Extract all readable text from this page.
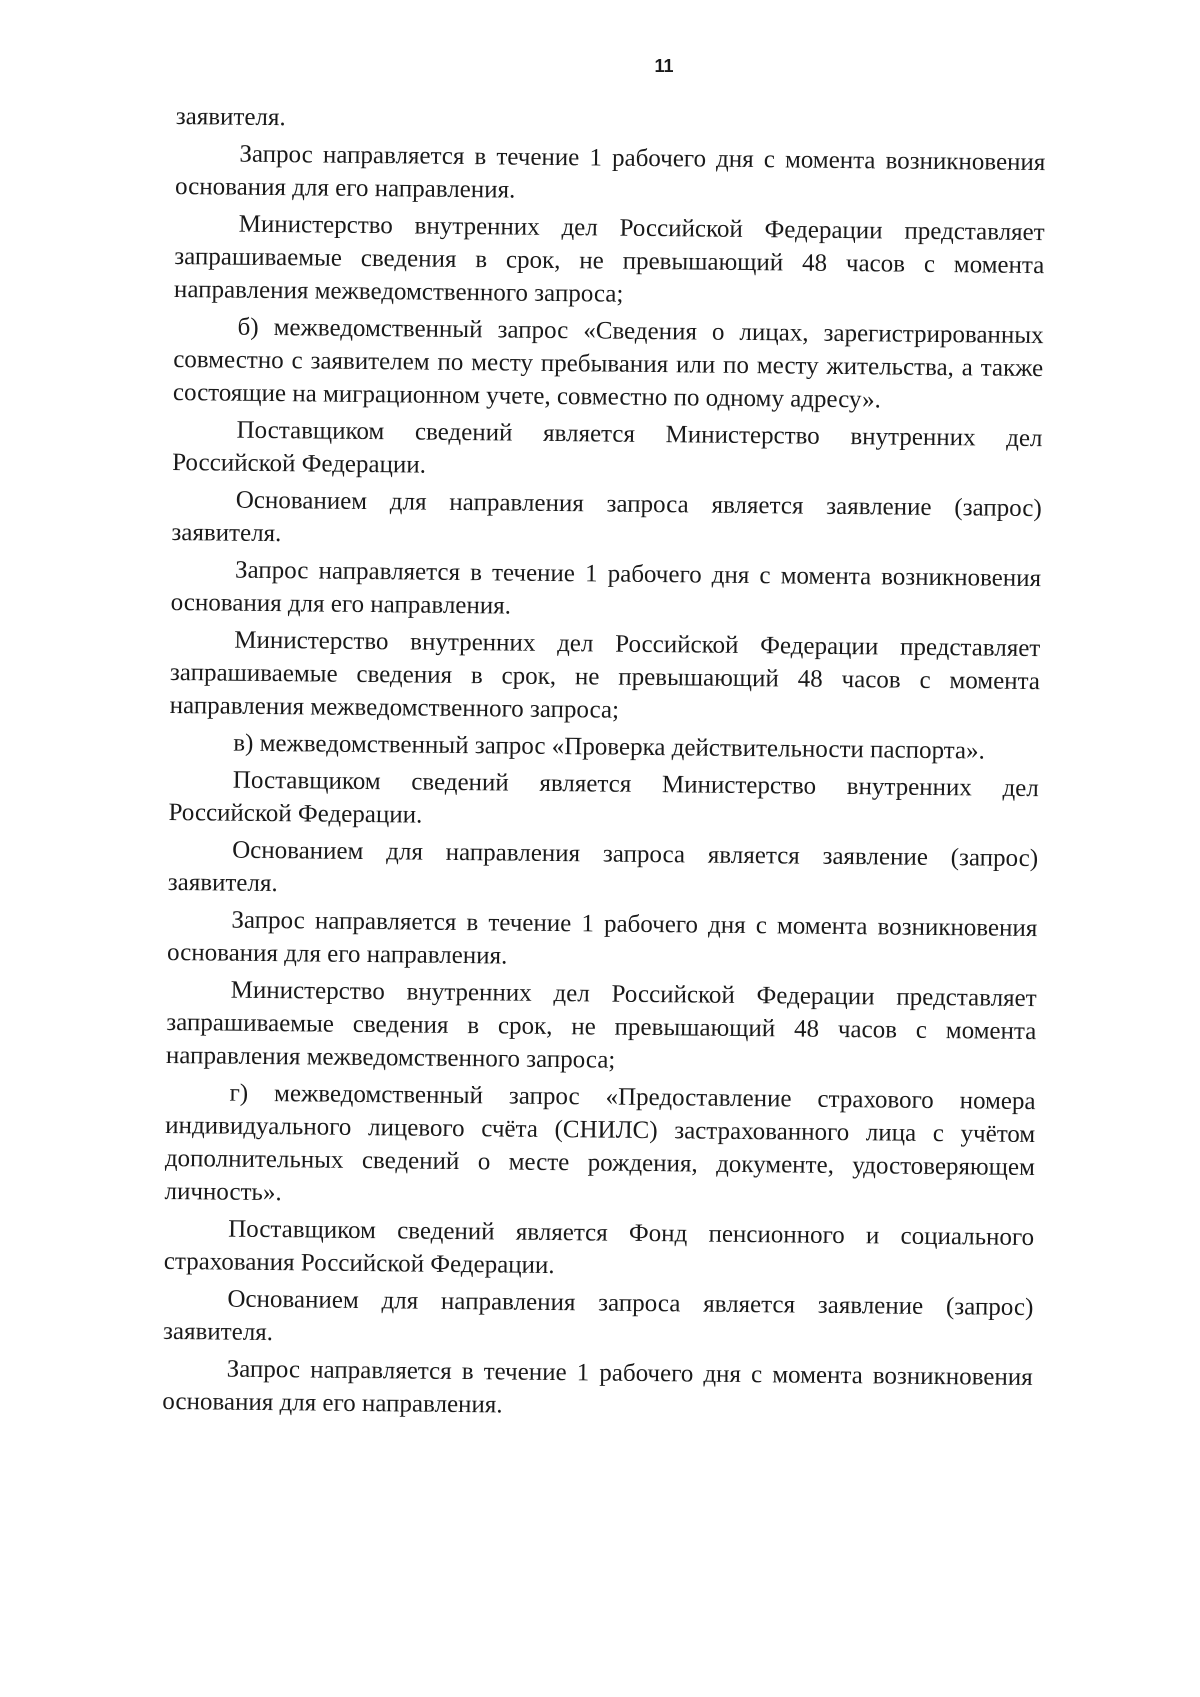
11

заявителя.

Запрос направляется в течение 1 рабочего дня с момента возникновения основания для его направления.

Министерство внутренних дел Российской Федерации представляет запрашиваемые сведения в срок, не превышающий 48 часов с момента направления межведомственного запроса;

б) межведомственный запрос «Сведения о лицах, зарегистрированных совместно с заявителем по месту пребывания или по месту жительства, а также состоящие на миграционном учете, совместно по одному адресу».

Поставщиком сведений является Министерство внутренних дел Российской Федерации.

Основанием для направления запроса является заявление (запрос) заявителя.

Запрос направляется в течение 1 рабочего дня с момента возникновения основания для его направления.

Министерство внутренних дел Российской Федерации представляет запрашиваемые сведения в срок, не превышающий 48 часов с момента направления межведомственного запроса;

в) межведомственный запрос «Проверка действительности паспорта».

Поставщиком сведений является Министерство внутренних дел Российской Федерации.

Основанием для направления запроса является заявление (запрос) заявителя.

Запрос направляется в течение 1 рабочего дня с момента возникновения основания для его направления.

Министерство внутренних дел Российской Федерации представляет запрашиваемые сведения в срок, не превышающий 48 часов с момента направления межведомственного запроса;

г) межведомственный запрос «Предоставление страхового номера индивидуального лицевого счёта (СНИЛС) застрахованного лица с учётом дополнительных сведений о месте рождения, документе, удостоверяющем личность».

Поставщиком сведений является Фонд пенсионного и социального страхования Российской Федерации.

Основанием для направления запроса является заявление (запрос) заявителя.

Запрос направляется в течение 1 рабочего дня с момента возникновения основания для его направления.
